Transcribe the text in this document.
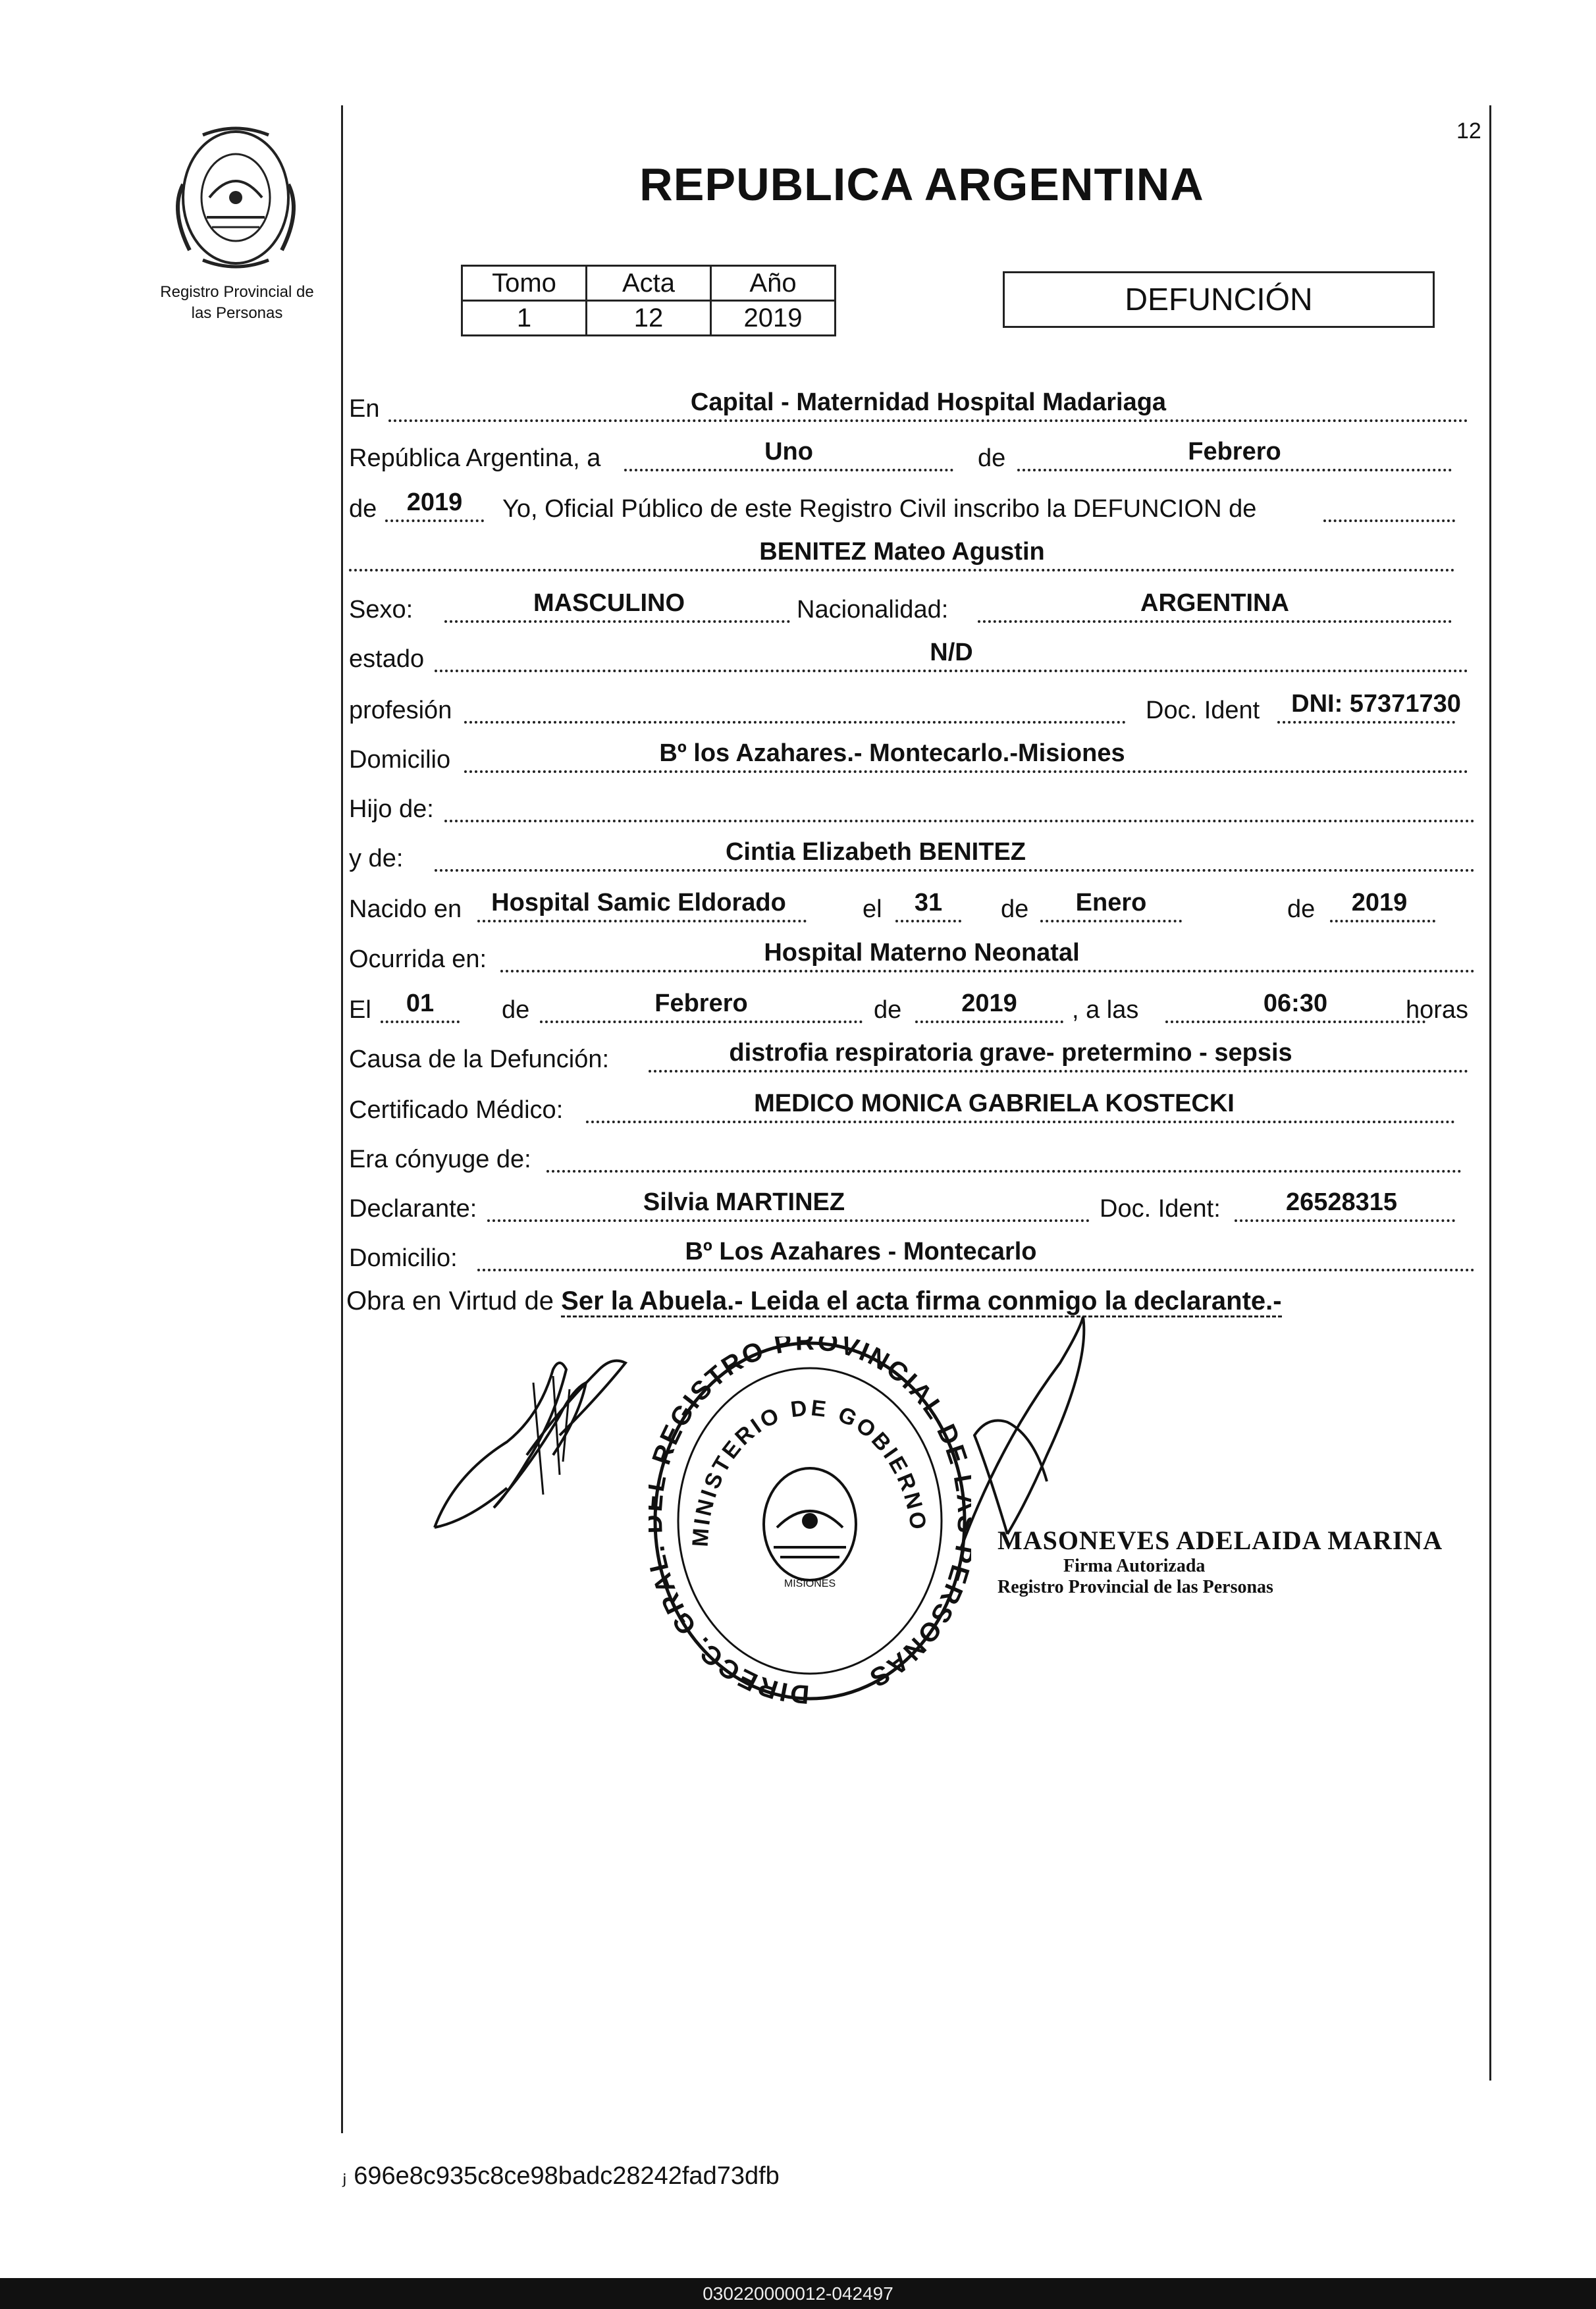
12
Registro Provincial de
las Personas
REPUBLICA ARGENTINA
Tomo	Acta	Año
1	12	2019
DEFUNCIÓN
En	Capital - Maternidad Hospital Madariaga
República Argentina, a	Uno	de	Febrero
de	2019	Yo, Oficial Público de este Registro Civil inscribo la DEFUNCION de
BENITEZ Mateo Agustin
Sexo:	MASCULINO	Nacionalidad:	ARGENTINA
estado	N/D
profesión	Doc. Ident	DNI: 57371730
Domicilio	Bº los Azahares.- Montecarlo.-Misiones
Hijo de:
y de:	Cintia Elizabeth BENITEZ
Nacido en	Hospital Samic Eldorado	el	31	de	Enero	de	2019
Ocurrida en:	Hospital Materno Neonatal
El	01	de	Febrero	de	2019	, a las	06:30	horas
Causa de la Defunción:	distrofia respiratoria grave- pretermino - sepsis
Certificado Médico:	MEDICO MONICA GABRIELA KOSTECKI
Era cónyuge de:
Declarante:	Silvia MARTINEZ	Doc. Ident:	26528315
Domicilio:	Bº Los Azahares - Montecarlo
Obra en Virtud de Ser la Abuela.- Leida el acta firma conmigo la declarante.-
DIRECC. GRA REGISTRO PROVINCIAL DE RSONAS
MINISTERIO DE GOBIERNO
MISIONES
MASONEVES ADELAIDA MARINA
Firma Autorizada
Registro Provincial de las Personas
ⱼ 696e8c935c8ce98badc28242fad73dfb
030220000012-042497
